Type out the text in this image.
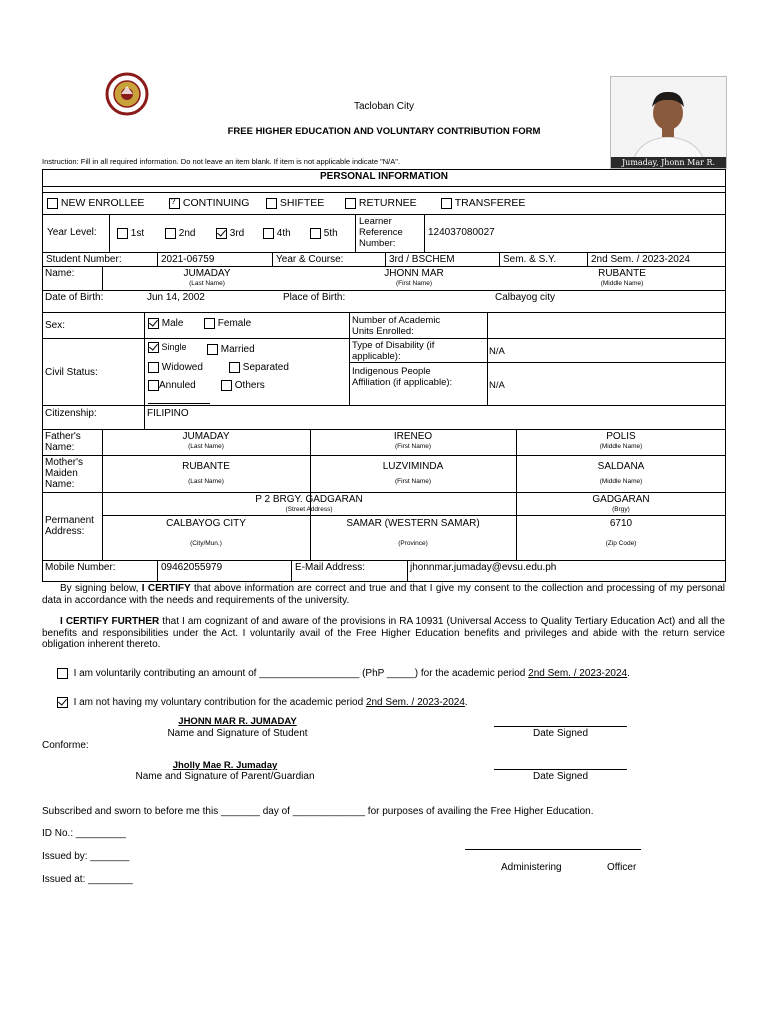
Tacloban City
FREE HIGHER EDUCATION AND VOLUNTARY CONTRIBUTION FORM
Instruction: Fill in all required information. Do not leave an item blank. If item is not applicable indicate "N/A".	Jumaday, Jhonn Mar R.
PERSONAL INFORMATION
NEW ENROLLEE
?	CONTINUING	SHIFTEE	RETURNEE	TRANSFEREE
Year Level:	1st	2nd	3rd	4th	5th
Learner
Reference
Number:
124037080027
Student Number:	2021-06759	Year & Course:	3rd / BSCHEM	Sem. & S.Y.	2nd Sem. / 2023-2024
Name:	JUMADAY
(Last Name)
JHONN MAR
(First Name)
RUBANTE
(Middle Name)
Date of Birth:	Jun 14, 2002	Place of Birth:	Calbayog city
Sex:	Male	Female	Number of Academic
Units Enrolled:
Civil Status:
Single	Married
Widowed	Separated
Annuled	Others
Type of Disability (if
applicable):	N/A
Indigenous People
Affiliation (if applicable):	N/A
Citizenship:	FILIPINO
Father's
Name:
JUMADAY
(Last Name)
IRENEO
(First Name)
POLIS
(Middle Name)
Mother's
Maiden
Name:
RUBANTE
(Last Name)
LUZVIMINDA
(First Name)
SALDANA
(Middle Name)
Permanent
Address:
P 2 BRGY. GADGARAN
(Street Address)
GADGARAN
(Brgy)
CALBAYOG CITY
(City/Mun.)
SAMAR (WESTERN SAMAR)
(Province)
6710
(Zip Code)
Mobile Number:	09462055979	E-Mail Address:	jhonnmar.jumaday@evsu.edu.ph
By signing below, I CERTIFY that above information are correct and true and that I give my consent to the collection and processing of my personal data in accordance with the needs and requirements of the university.
I CERTIFY FURTHER that I am cognizant of and aware of the provisions in RA 10931 (Universal Access to Quality Tertiary Education Act) and all the benefits and responsibilities under the Act. I voluntarily avail of the Free Higher Education benefits and privileges and abide with the return service obligation inherent thereto.
I am voluntarily contributing an amount of __________________ (PhP _____) for the academic period 2nd Sem. / 2023-2024.
I am not having my voluntary contribution for the academic period 2nd Sem. / 2023-2024.
JHONN MAR R. JUMADAY
Name and Signature of Student	Date Signed
Conforme:
Jholly Mae R. Jumaday
Name and Signature of Parent/Guardian	Date Signed
Subscribed and sworn to before me this _______ day of _____________ for purposes of availing the Free Higher Education.
ID No.: _________
Issued by: _______
Issued at: ________
Administering	Officer
